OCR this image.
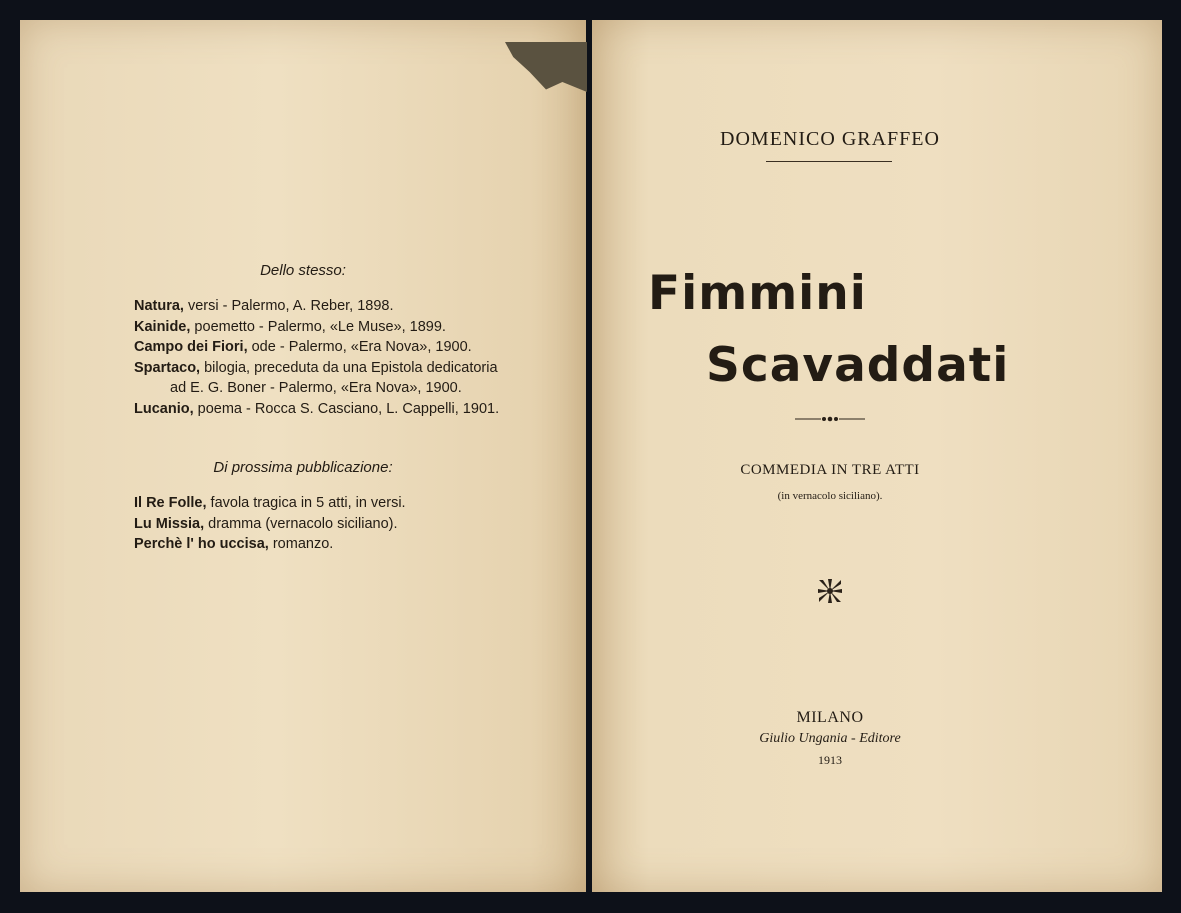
Dello stesso:
Natura, versi - Palermo, A. Reber, 1898.
Kainide, poemetto - Palermo, «Le Muse», 1899.
Campo dei Fiori, ode - Palermo, «Era Nova», 1900.
Spartaco, bilogia, preceduta da una Epistola dedicatoria
ad E. G. Boner - Palermo, «Era Nova», 1900.
Lucanio, poema - Rocca S. Casciano, L. Cappelli, 1901.
Di prossima pubblicazione:
Il Re Folle, favola tragica in 5 atti, in versi.
Lu Missia, dramma (vernacolo siciliano).
Perchè l' ho uccisa, romanzo.
DOMENICO GRAFFEO
Fimmini
Scavaddati
COMMEDIA IN TRE ATTI
(in vernacolo siciliano).
MILANO
Giulio Ungania - Editore
1913
